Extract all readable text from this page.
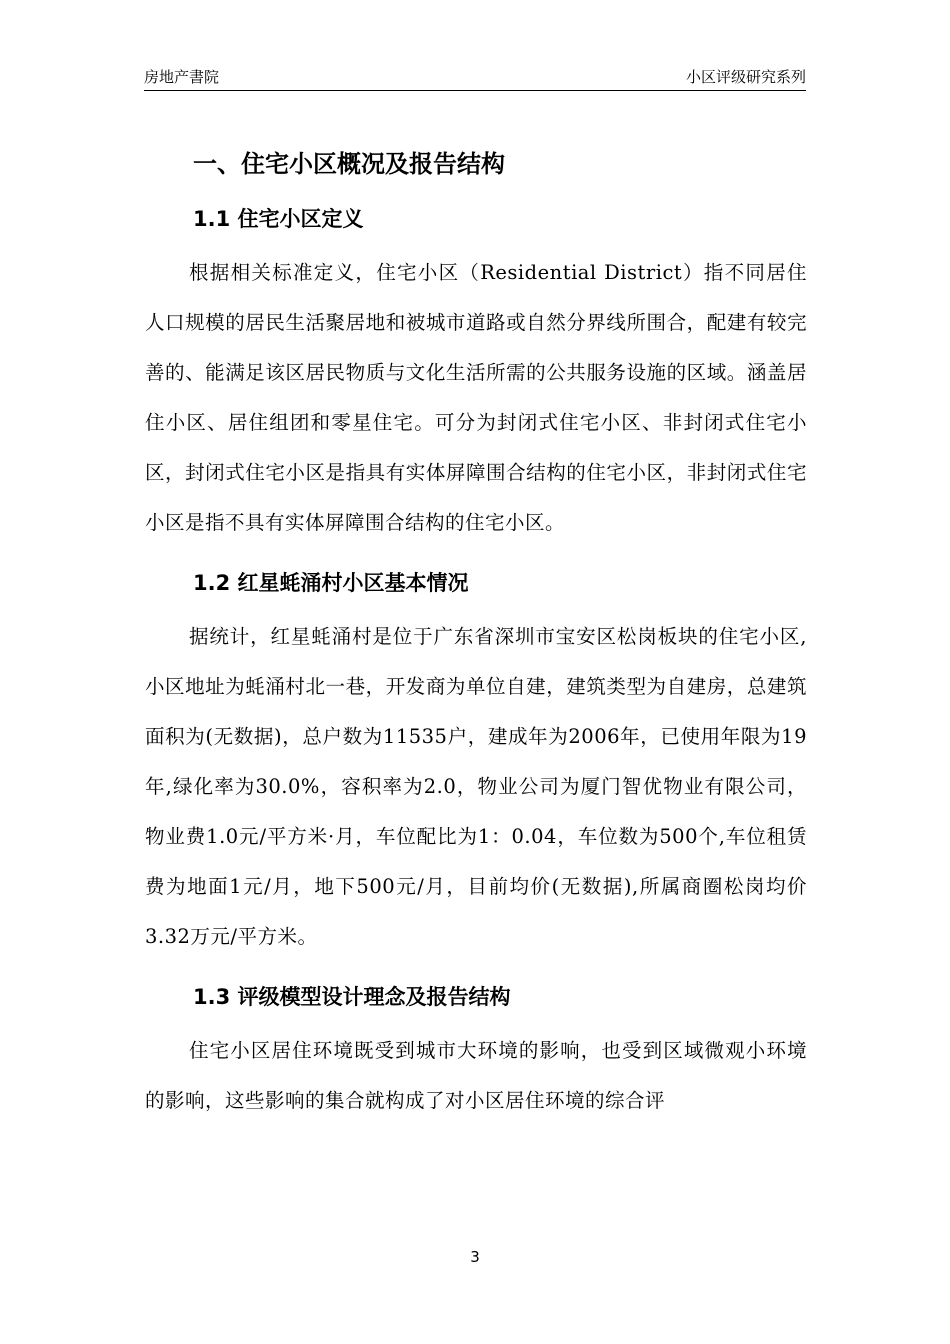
房地产書院	小区评级研究系列
一、住宅小区概况及报告结构
1.1 住宅小区定义

根据相关标准定义，住宅小区（Residential District）指不同居住人口规模的居民生活聚居地和被城市道路或自然分界线所围合，配建有较完善的、能满足该区居民物质与文化生活所需的公共服务设施的区域。涵盖居住小区、居住组团和零星住宅。可分为封闭式住宅小区、非封闭式住宅小区，封闭式住宅小区是指具有实体屏障围合结构的住宅小区，非封闭式住宅小区是指不具有实体屏障围合结构的住宅小区。

1.2 红星蚝涌村小区基本情况

据统计，红星蚝涌村是位于广东省深圳市宝安区松岗板块的住宅小区,小区地址为蚝涌村北一巷，开发商为单位自建，建筑类型为自建房，总建筑面积为(无数据)，总户数为11535户，建成年为2006年，已使用年限为19年,绿化率为30.0%，容积率为2.0，物业公司为厦门智优物业有限公司，物业费1.0元/平方米·月，车位配比为1：0.04，车位数为500个,车位租赁费为地面1元/月，地下500元/月，目前均价(无数据),所属商圈松岗均价3.32万元/平方米。

1.3 评级模型设计理念及报告结构

住宅小区居住环境既受到城市大环境的影响，也受到区域微观小环境的影响，这些影响的集合就构成了对小区居住环境的综合评

3
